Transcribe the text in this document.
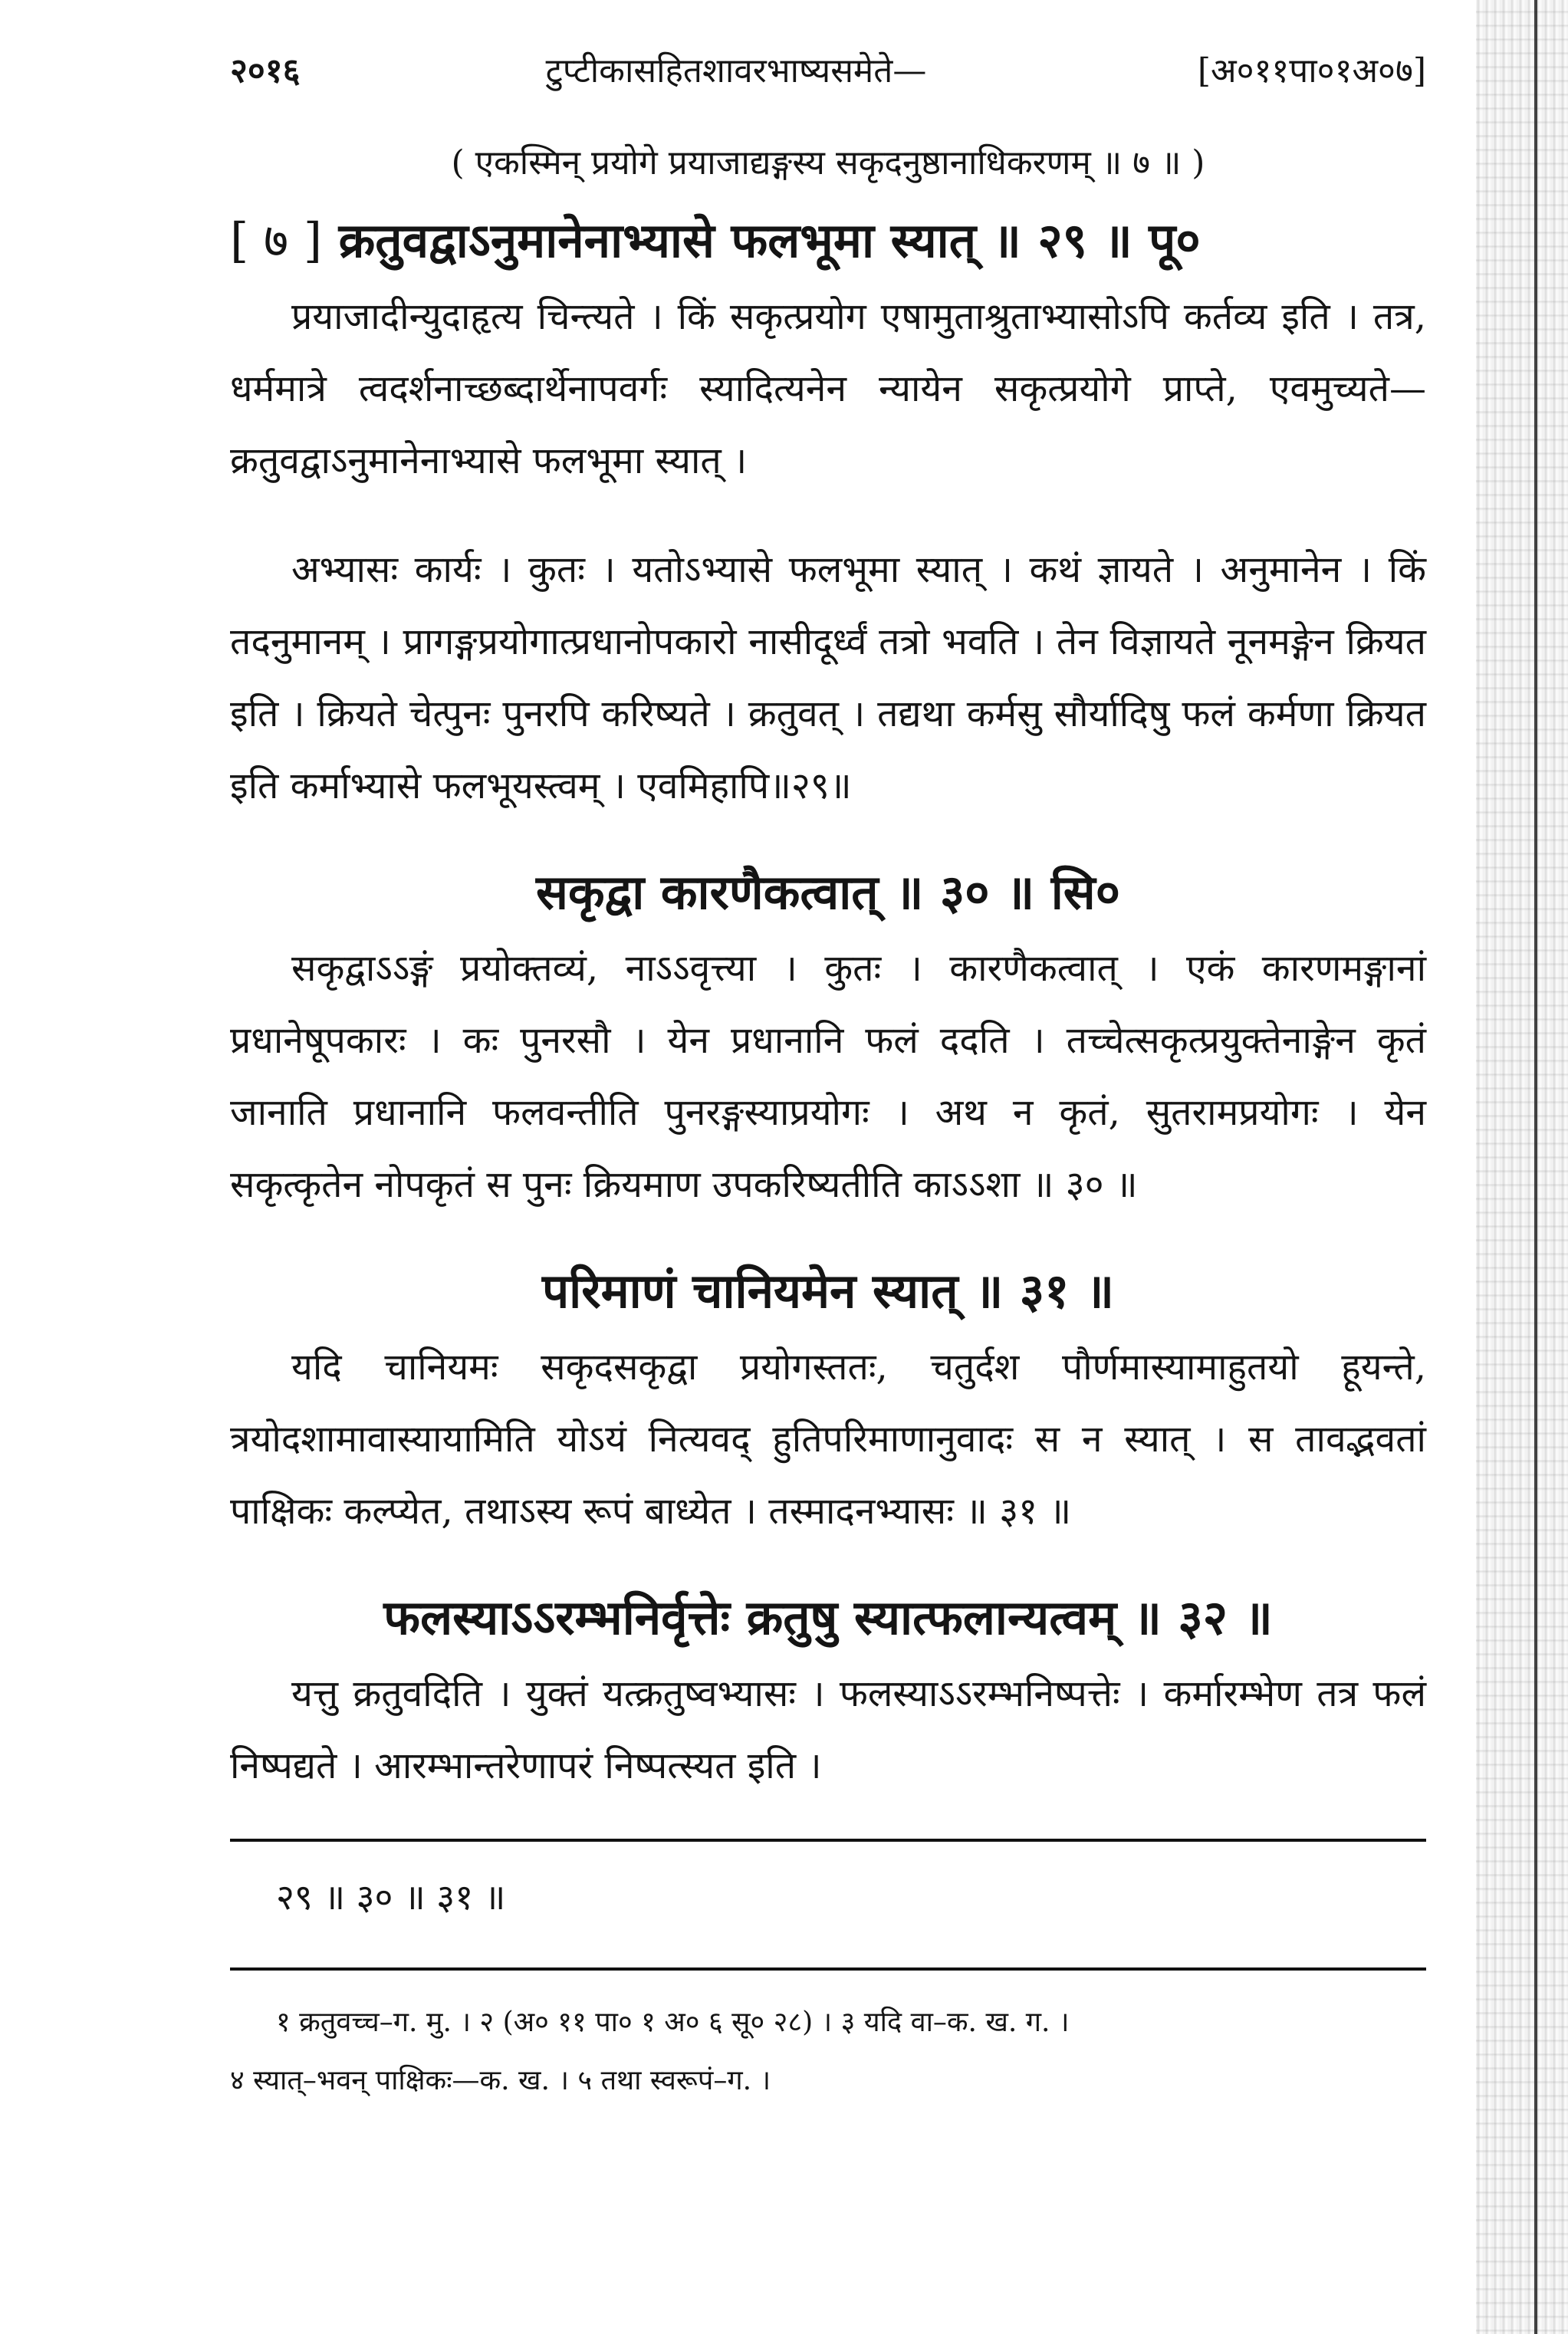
२०१६	टुप्टीकासहितशावरभाष्यसमेते—	[अ०११पा०१अ०७]
( एकस्मिन् प्रयोगे प्रयाजाद्यङ्गस्य सकृदनुष्ठानाधिकरणम् ॥ ७ ॥ )
[ ७ ] क्रतुवद्वाऽनुमानेनाभ्यासे फलभूमा स्यात् ॥ २९ ॥ पू०

प्रयाजादीन्युदाहृत्य चिन्त्यते । किं सकृत्प्रयोग एषामुताश्रुताभ्यासोऽपि कर्तव्य इति । तत्र, धर्ममात्रे त्वदर्शनाच्छब्दार्थेनापवर्गः स्यादित्यनेन न्यायेन सकृत्प्रयोगे प्राप्ते, एवमुच्यते—क्रतुवद्वाऽनुमानेनाभ्यासे फलभूमा स्यात् ।

अभ्यासः कार्यः । कुतः । यतोऽभ्यासे फलभूमा स्यात् । कथं ज्ञायते । अनुमानेन । किं तदनुमानम् । प्रागङ्गप्रयोगात्प्रधानोपकारो नासीदूर्ध्वं तत्रो भवति । तेन विज्ञायते नूनमङ्गेन क्रियत इति । क्रियते चेत्पुनः पुनरपि करिष्यते । क्रतुवत् । तद्यथा कर्मसु सौर्यादिषु फलं कर्मणा क्रियत इति कर्माभ्यासे फलभूयस्त्वम् । एवमिहापि॥२९॥

सकृद्वा कारणैकत्वात् ॥ ३० ॥ सि०

सकृद्वाऽऽङ्गं प्रयोक्तव्यं, नाऽऽवृत्त्या । कुतः । कारणैकत्वात् । एकं कारणमङ्गानां प्रधानेषूपकारः । कः पुनरसौ । येन प्रधानानि फलं ददति । तच्चेत्सकृत्प्रयुक्तेनाङ्गेन कृतं जानाति प्रधानानि फलवन्तीति पुनरङ्गस्याप्रयोगः । अथ न कृतं, सुतरामप्रयोगः । येन सकृत्कृतेन नोपकृतं स पुनः क्रियमाण उपकरिष्यतीति काऽऽशा ॥ ३० ॥

परिमाणं चानियमेन स्यात् ॥ ३१ ॥

यदि चानियमः सकृदसकृद्वा प्रयोगस्ततः, चतुर्दश पौर्णमास्यामाहुतयो हूयन्ते, त्रयोदशामावास्यायामिति योऽयं नित्यवद् हुतिपरिमाणानुवादः स न स्यात् । स तावद्भवतां पाक्षिकः कल्प्येत, तथाऽस्य रूपं बाध्येत । तस्मादनभ्यासः ॥ ३१ ॥

फलस्याऽऽरम्भनिर्वृत्तेः क्रतुषु स्यात्फलान्यत्वम् ॥ ३२ ॥

यत्तु क्रतुवदिति । युक्तं यत्क्रतुष्वभ्यासः । फलस्याऽऽरम्भनिष्पत्तेः । कर्मारम्भेण तत्र फलं निष्पद्यते । आरम्भान्तरेणापरं निष्पत्स्यत इति ।

२९ ॥ ३० ॥ ३१ ॥
१ क्रतुवच्च–ग. मु. । २ (अ० ११ पा० १ अ० ६ सू० २८) । ३ यदि वा–क. ख. ग. ।
४ स्यात्–भवन् पाक्षिकः—क. ख. । ५ तथा स्वरूपं–ग. ।
